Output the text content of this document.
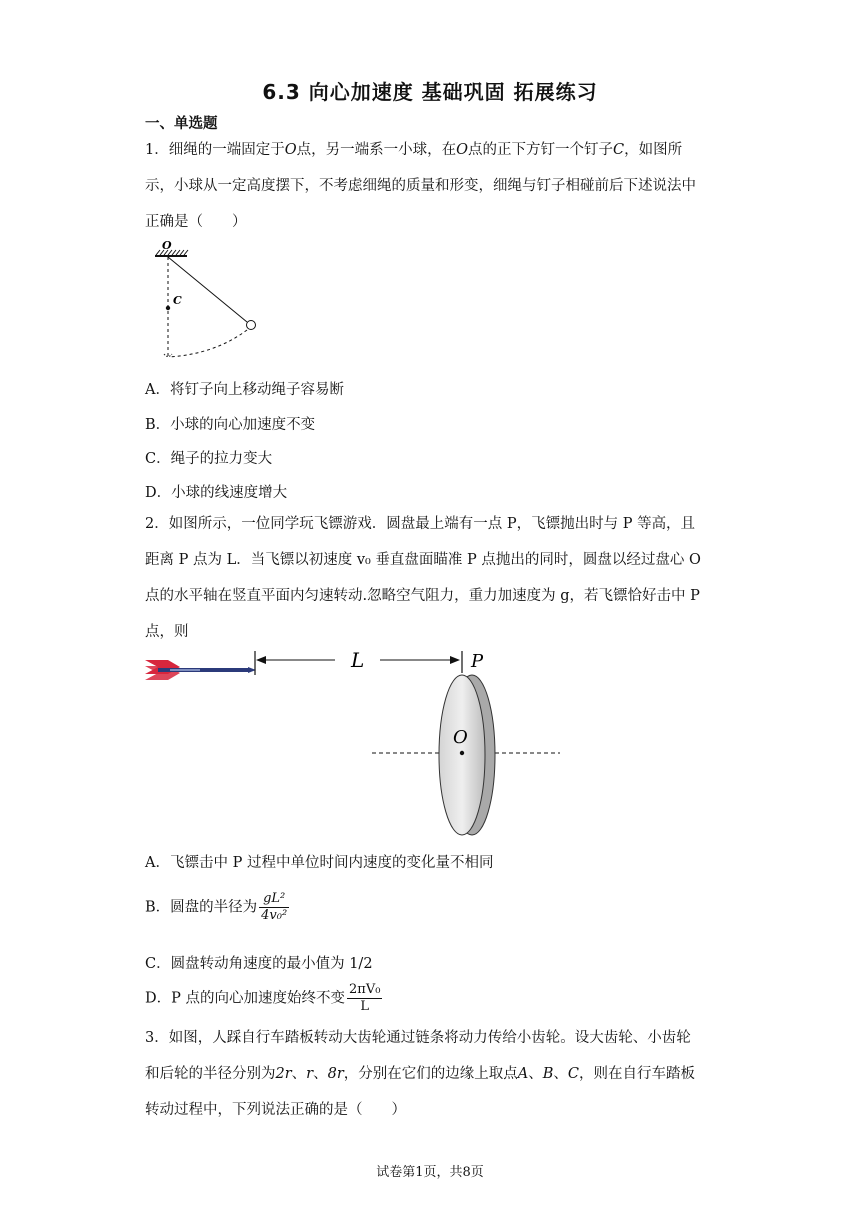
6.3 向心加速度 基础巩固 拓展练习
一、单选题
1．细绳的一端固定于O点，另一端系一小球，在O点的正下方钉一个钉子C，如图所
示，小球从一定高度摆下，不考虑细绳的质量和形变，细绳与钉子相碰前后下述说法中
正确是（　　）
O
C
A．将钉子向上移动绳子容易断
B．小球的向心加速度不变
C．绳子的拉力变大
D．小球的线速度增大
2．如图所示，一位同学玩飞镖游戏．圆盘最上端有一点 P，飞镖抛出时与 P 等高，且
距离 P 点为 L．当飞镖以初速度 v₀ 垂直盘面瞄准 P 点抛出的同时，圆盘以经过盘心 O
点的水平轴在竖直平面内匀速转动.忽略空气阻力，重力加速度为 g，若飞镖恰好击中 P
点，则
L	P
O
A．飞镖击中 P 过程中单位时间内速度的变化量不相同
B．圆盘的半径为 $\frac{\text{gL²}}{\text{4v₀²}}$
C．圆盘转动角速度的最小值为 1/2
D．P 点的向心加速度始终不变 $\frac{\text{2πV₀}}{L}$
3．如图，人踩自行车踏板转动大齿轮通过链条将动力传给小齿轮。设大齿轮、小齿轮
和后轮的半径分别为2r、r、8r，分别在它们的边缘上取点A、B、C，则在自行车踏板
转动过程中，下列说法正确的是（　　）
试卷第1页，共8页
